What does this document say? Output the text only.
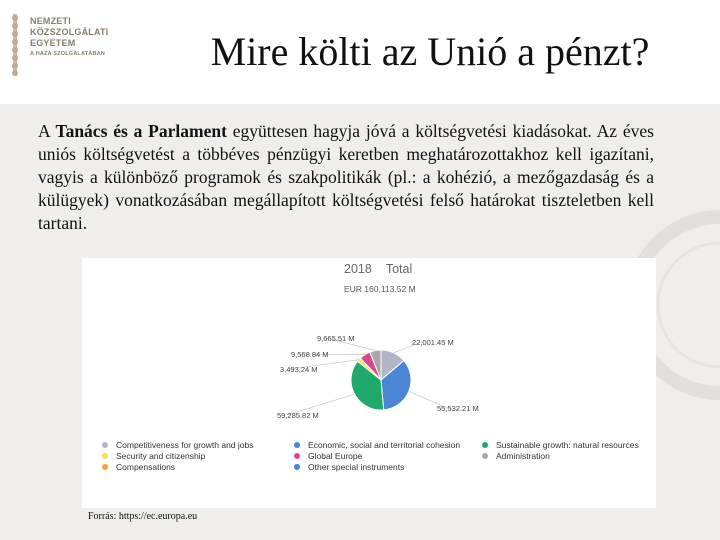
NEMZETI
KÖZSZOLGÁLATI
EGYETEM
A HAZA SZOLGÁLATÁBAN	Mire költi az Unió a pénzt?
A Tanács és a Parlament együttesen hagyja jóvá a költségvetési kiadásokat. Az éves uniós költségvetést a többéves pénzügyi keretben meghatározottakhoz kell igazítani, vagyis a különböző programok és szakpolitikák (pl.: a kohézió, a mezőgazdaság és a külügyek) vonatkozásában megállapított költségvetési felső határokat tiszteletben kell tartani.
2018 Total
EUR 160,113.52 M
22,001.45 M
55,532.21 M
59,285.82 M
3,493.24 M
9,568.84 M
9,665.51 M
Competitiveness for growth and jobs	Economic, social and territorial cohesion	Sustainable growth: natural resources
Security and citizenship	Global Europe	Administration
Compensations	Other special instruments
Forrás: https://ec.europa.eu
